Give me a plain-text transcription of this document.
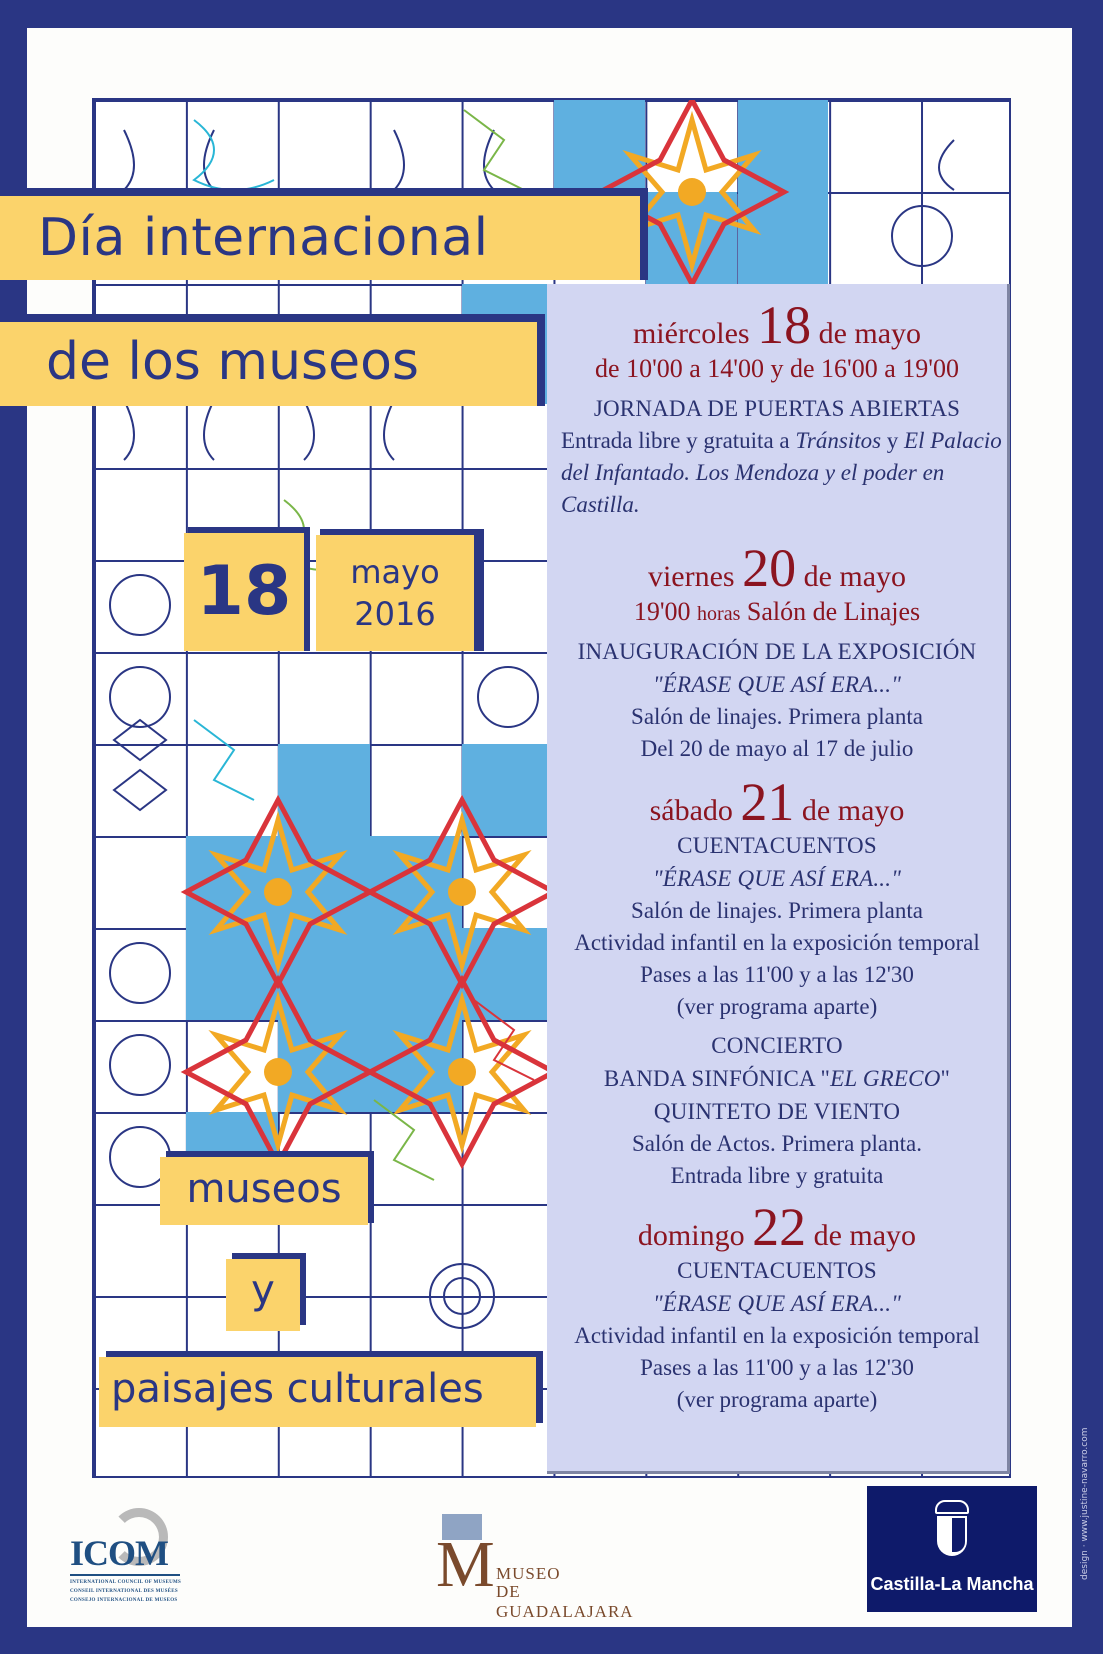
Día internacional
de los museos
18	mayo
2016
museos
y
paisajes culturales
miércoles 18 de mayo
de 10'00 a 14'00 y de 16'00 a 19'00
JORNADA DE PUERTAS ABIERTAS
Entrada libre y gratuita a Tránsitos y El Palacio del Infantado. Los Mendoza y el poder en Castilla.
viernes 20 de mayo
19'00 horas Salón de Linajes
INAUGURACIÓN DE LA EXPOSICIÓN
"ÉRASE QUE ASÍ ERA..."
Salón de linajes. Primera planta
Del 20 de mayo al 17 de julio
sábado 21 de mayo
CUENTACUENTOS
"ÉRASE QUE ASÍ ERA..."
Salón de linajes. Primera planta
Actividad infantil en la exposición temporal
Pases a las 11'00 y a las 12'30
(ver programa aparte)
CONCIERTO
BANDA SINFÓNICA "EL GRECO"
QUINTETO DE VIENTO
Salón de Actos. Primera planta.
Entrada libre y gratuita
domingo 22 de mayo
CUENTACUENTOS
"ÉRASE QUE ASÍ ERA..."
Actividad infantil en la exposición temporal
Pases a las 11'00 y a las 12'30
(ver programa aparte)
ICOM
INTERNATIONAL COUNCIL OF MUSEUMS
CONSEIL INTERNATIONAL DES MUSÉES
CONSEJO INTERNACIONAL DE MUSEOS	M MUSEO
DE GUADALAJARA
Castilla-La Mancha
design · www.justine-navarro.com
